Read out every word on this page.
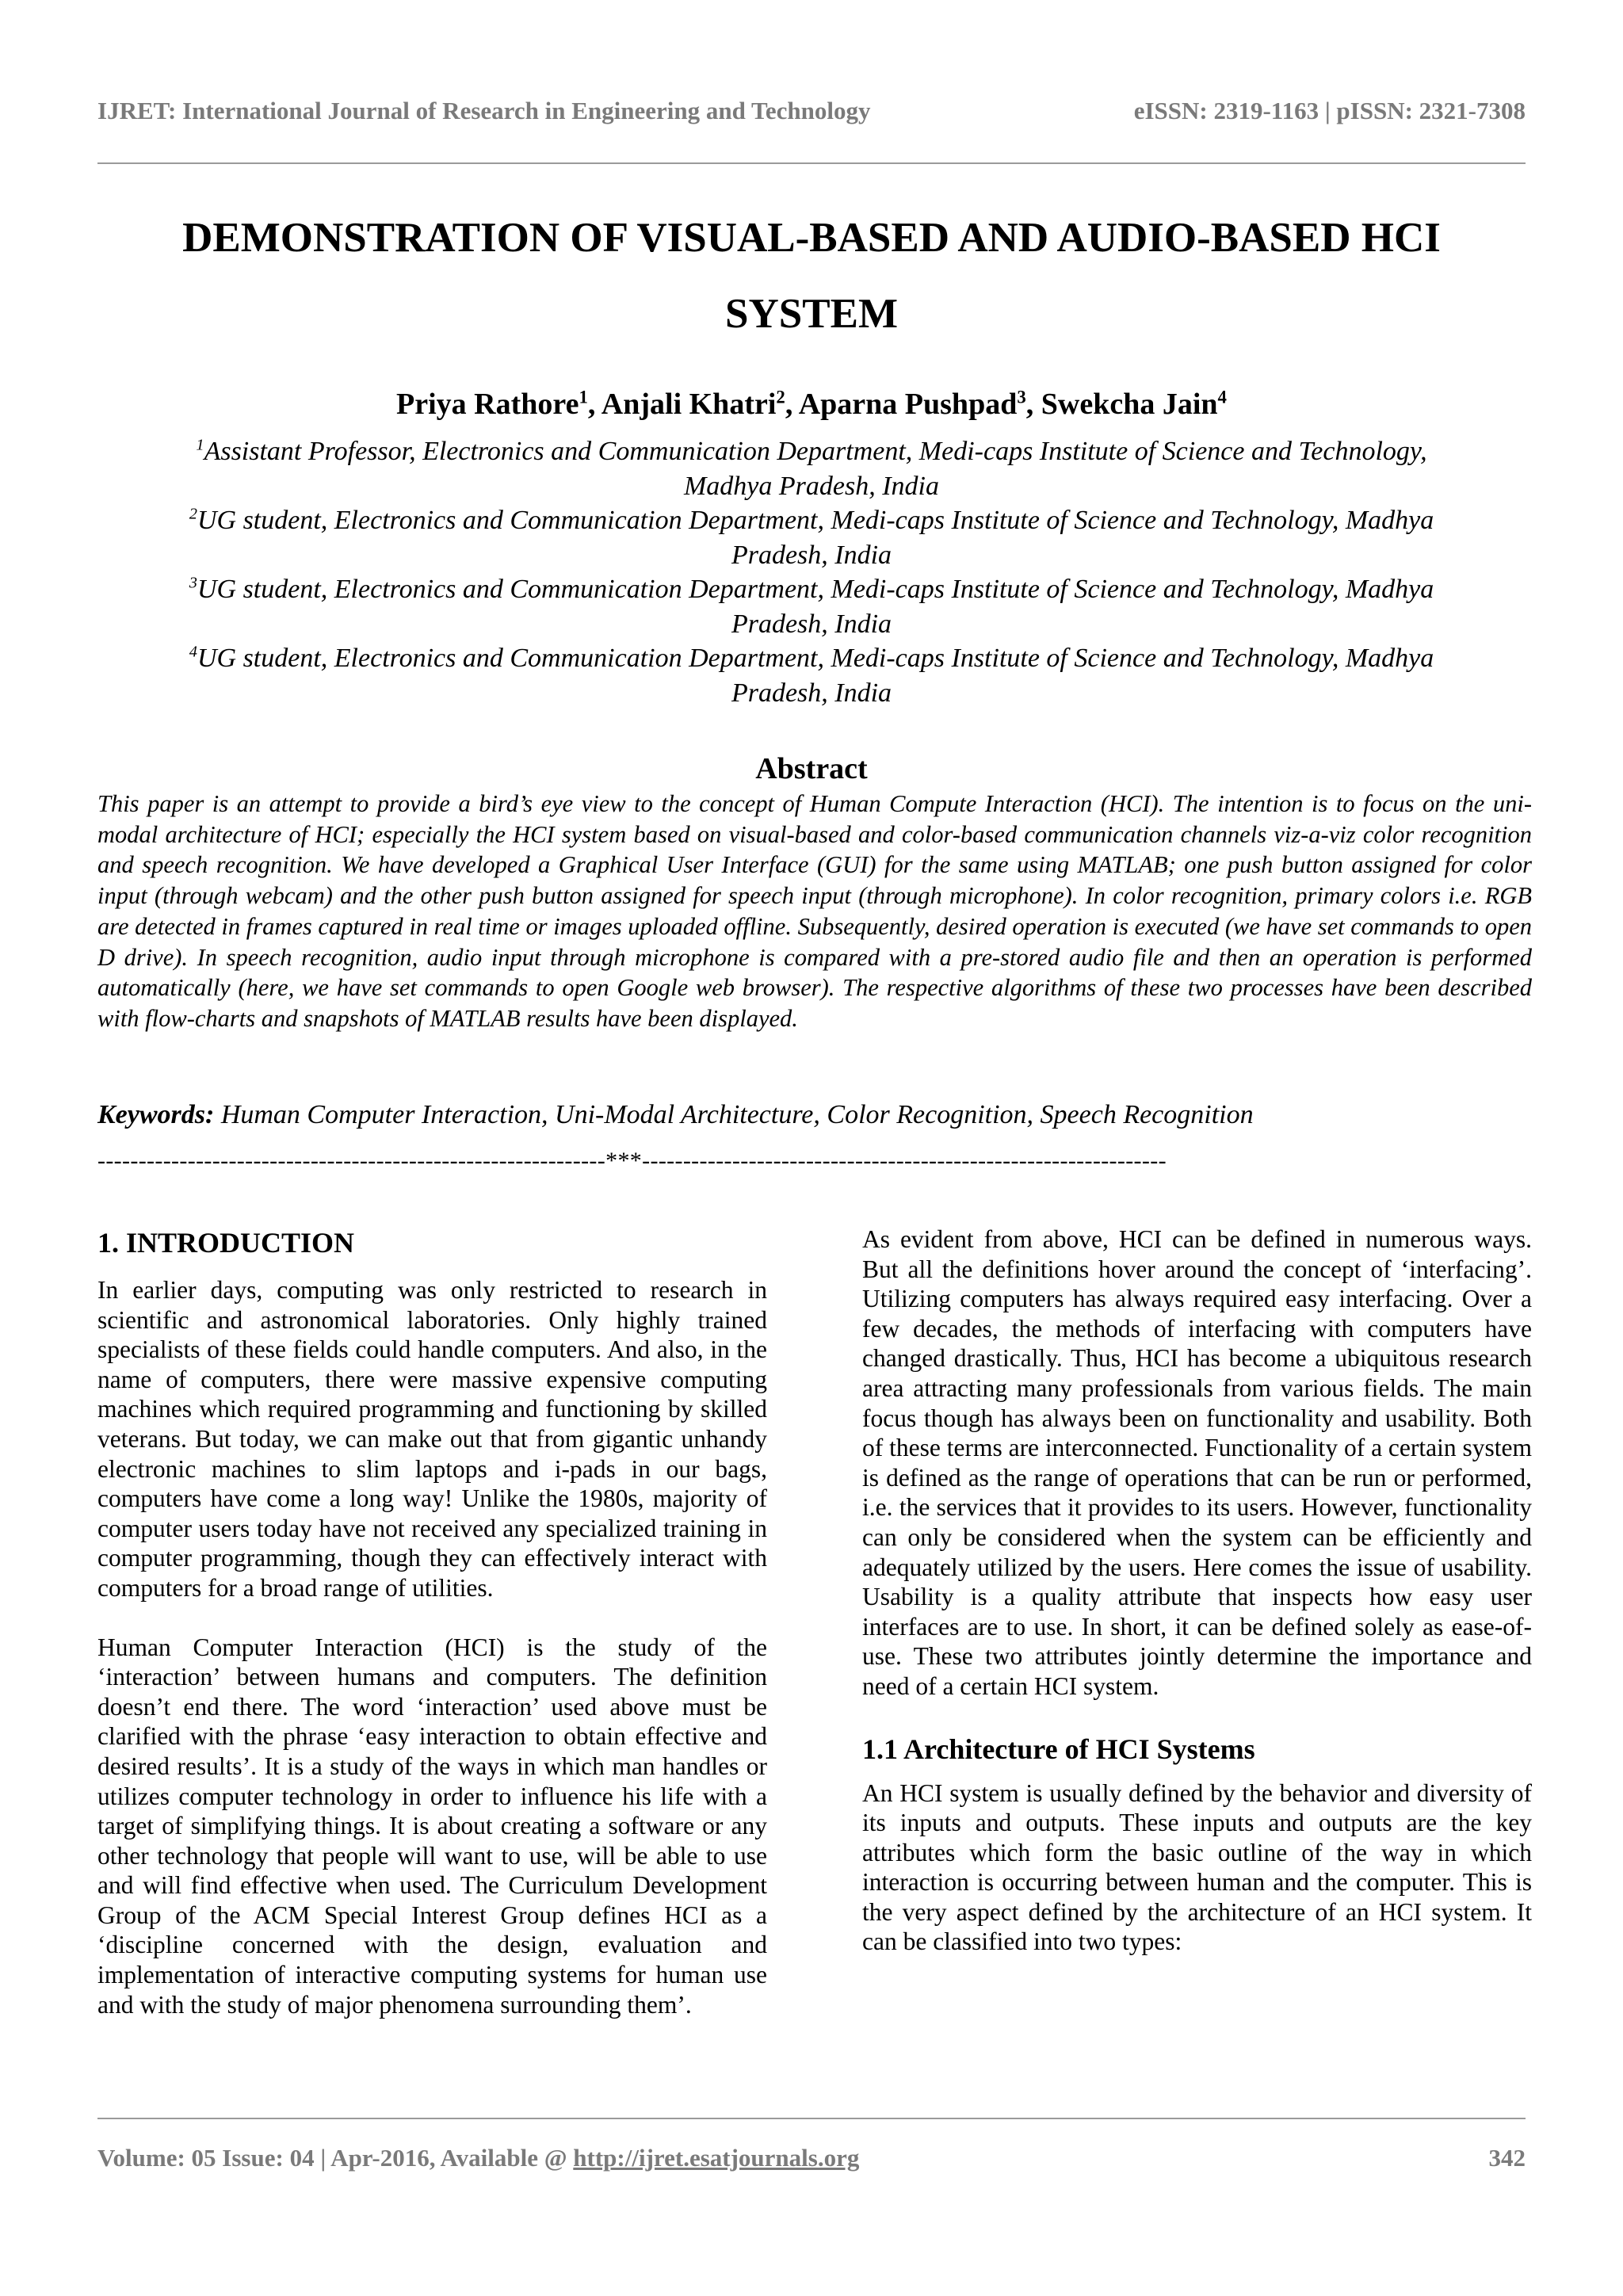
IJRET: International Journal of Research in Engineering and Technology	eISSN: 2319-1163 | pISSN: 2321-7308
DEMONSTRATION OF VISUAL-BASED AND AUDIO-BASED HCI
SYSTEM
Priya Rathore$^1$, Anjali Khatri$^2$, Aparna Pushpad$^3$, Swekcha Jain$^4$
$^1$Assistant Professor, Electronics and Communication Department, Medi-caps Institute of Science and Technology,
Madhya Pradesh, India
$^2$UG student, Electronics and Communication Department, Medi-caps Institute of Science and Technology, Madhya
Pradesh, India
$^3$UG student, Electronics and Communication Department, Medi-caps Institute of Science and Technology, Madhya
Pradesh, India
$^4$UG student, Electronics and Communication Department, Medi-caps Institute of Science and Technology, Madhya
Pradesh, India
Abstract
This paper is an attempt to provide a bird’s eye view to the concept of Human Compute Interaction (HCI). The intention is to focus on the uni-modal architecture of HCI; especially the HCI system based on visual-based and color-based communication channels viz-a-viz color recognition and speech recognition. We have developed a Graphical User Interface (GUI) for the same using MATLAB; one push button assigned for color input (through webcam) and the other push button assigned for speech input (through microphone). In color recognition, primary colors i.e. RGB are detected in frames captured in real time or images uploaded offline. Subsequently, desired operation is executed (we have set commands to open D drive). In speech recognition, audio input through microphone is compared with a pre-stored audio file and then an operation is performed automatically (here, we have set commands to open Google web browser). The respective algorithms of these two processes have been described with flow-charts and snapshots of MATLAB results have been displayed.
Keywords: Human Computer Interaction, Uni-Modal Architecture, Color Recognition, Speech Recognition
--------------------------------------------------------------***----------------------------------------------------------------
1. INTRODUCTION

In earlier days, computing was only restricted to research in scientific and astronomical laboratories. Only highly trained specialists of these fields could handle computers. And also, in the name of computers, there were massive expensive computing machines which required programming and functioning by skilled veterans. But today, we can make out that from gigantic unhandy electronic machines to slim laptops and i-pads in our bags, computers have come a long way! Unlike the 1980s, majority of computer users today have not received any specialized training in computer programming, though they can effectively interact with computers for a broad range of utilities.

Human Computer Interaction (HCI) is the study of the ‘interaction’ between humans and computers. The definition doesn’t end there. The word ‘interaction’ used above must be clarified with the phrase ‘easy interaction to obtain effective and desired results’. It is a study of the ways in which man handles or utilizes computer technology in order to influence his life with a target of simplifying things. It is about creating a software or any other technology that people will want to use, will be able to use and will find effective when used. The Curriculum Development Group of the ACM Special Interest Group defines HCI as a ‘discipline concerned with the design, evaluation and implementation of interactive computing systems for human use and with the study of major phenomena surrounding them’.

As evident from above, HCI can be defined in numerous ways. But all the definitions hover around the concept of ‘interfacing’. Utilizing computers has always required easy interfacing. Over a few decades, the methods of interfacing with computers have changed drastically. Thus, HCI has become a ubiquitous research area attracting many professionals from various fields. The main focus though has always been on functionality and usability. Both of these terms are interconnected. Functionality of a certain system is defined as the range of operations that can be run or performed, i.e. the services that it provides to its users. However, functionality can only be considered when the system can be efficiently and adequately utilized by the users. Here comes the issue of usability. Usability is a quality attribute that inspects how easy user interfaces are to use. In short, it can be defined solely as ease-of-use. These two attributes jointly determine the importance and need of a certain HCI system.

1.1 Architecture of HCI Systems

An HCI system is usually defined by the behavior and diversity of its inputs and outputs. These inputs and outputs are the key attributes which form the basic outline of the way in which interaction is occurring between human and the computer. This is the very aspect defined by the architecture of an HCI system. It can be classified into two types:

Volume: 05 Issue: 04 | Apr-2016, Available @ http://ijret.esatjournals.org	342
